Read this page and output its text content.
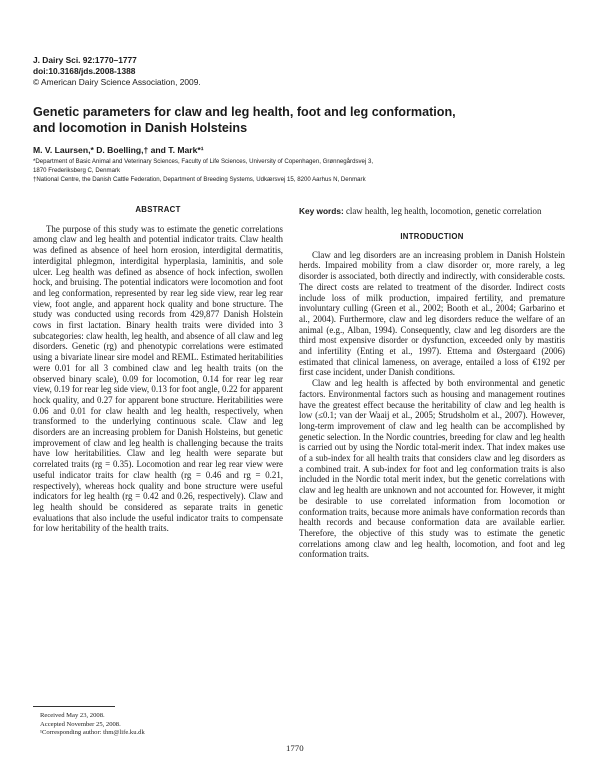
J. Dairy Sci. 92:1770–1777
doi:10.3168/jds.2008-1388
© American Dairy Science Association, 2009.
Genetic parameters for claw and leg health, foot and leg conformation,
and locomotion in Danish Holsteins
M. V. Laursen,* D. Boelling,† and T. Mark*¹
*Department of Basic Animal and Veterinary Sciences, Faculty of Life Sciences, University of Copenhagen, Grønnegårdsvej 3,
1870 Frederiksberg C, Denmark
†National Centre, the Danish Cattle Federation, Department of Breeding Systems, Udkærsvej 15, 8200 Aarhus N, Denmark
ABSTRACT

The purpose of this study was to estimate the genetic correlations among claw and leg health and potential indicator traits. Claw health was defined as absence of heel horn erosion, interdigital dermatitis, interdigital phlegmon, interdigital hyperplasia, laminitis, and sole ulcer. Leg health was defined as absence of hock infection, swollen hock, and bruising. The potential indicators were locomotion and foot and leg conformation, represented by rear leg side view, rear leg rear view, foot angle, and apparent hock quality and bone structure. The study was conducted using records from 429,877 Danish Holstein cows in first lactation. Binary health traits were divided into 3 subcategories: claw health, leg health, and absence of all claw and leg disorders. Genetic (rg) and phenotypic correlations were estimated using a bivariate linear sire model and REML. Estimated heritabilities were 0.01 for all 3 combined claw and leg health traits (on the observed binary scale), 0.09 for locomotion, 0.14 for rear leg rear view, 0.19 for rear leg side view, 0.13 for foot angle, 0.22 for apparent hock quality, and 0.27 for apparent bone structure. Heritabilities were 0.06 and 0.01 for claw health and leg health, respectively, when transformed to the underlying continuous scale. Claw and leg disorders are an increasing problem for Danish Holsteins, but genetic improvement of claw and leg health is challenging because the traits have low heritabilities. Claw and leg health were separate but correlated traits (rg = 0.35). Locomotion and rear leg rear view were useful indicator traits for claw health (rg = 0.46 and rg = 0.21, respectively), whereas hock quality and bone structure were useful indicators for leg health (rg = 0.42 and 0.26, respectively). Claw and leg health should be considered as separate traits in genetic evaluations that also include the useful indicator traits to compensate for low heritability of the health traits.

Key words: claw health, leg health, locomotion, genetic correlation
INTRODUCTION

Claw and leg disorders are an increasing problem in Danish Holstein herds. Impaired mobility from a claw disorder or, more rarely, a leg disorder is associated, both directly and indirectly, with considerable costs. The direct costs are related to treatment of the disorder. Indirect costs include loss of milk production, impaired fertility, and premature involuntary culling (Green et al., 2002; Booth et al., 2004; Garbarino et al., 2004). Furthermore, claw and leg disorders reduce the welfare of an animal (e.g., Alban, 1994). Consequently, claw and leg disorders are the third most expensive disorder or dysfunction, exceeded only by mastitis and infertility (Enting et al., 1997). Ettema and Østergaard (2006) estimated that clinical lameness, on average, entailed a loss of €192 per first case incident, under Danish conditions.

Claw and leg health is affected by both environmental and genetic factors. Environmental factors such as housing and management routines have the greatest effect because the heritability of claw and leg health is low (≤0.1; van der Waaij et al., 2005; Strudsholm et al., 2007). However, long-term improvement of claw and leg health can be accomplished by genetic selection. In the Nordic countries, breeding for claw and leg health is carried out by using the Nordic total-merit index. That index makes use of a sub-index for all health traits that considers claw and leg disorders as a combined trait. A sub-index for foot and leg conformation traits is also included in the Nordic total merit index, but the genetic correlations with claw and leg health are unknown and not accounted for. However, it might be desirable to use correlated information from locomotion or conformation traits, because more animals have conformation records than health records and because conformation data are available earlier. Therefore, the objective of this study was to estimate the genetic correlations among claw and leg health, locomotion, and foot and leg conformation traits.

Received May 23, 2008.
Accepted November 25, 2008.
¹Corresponding author: thm@life.ku.dk
1770
